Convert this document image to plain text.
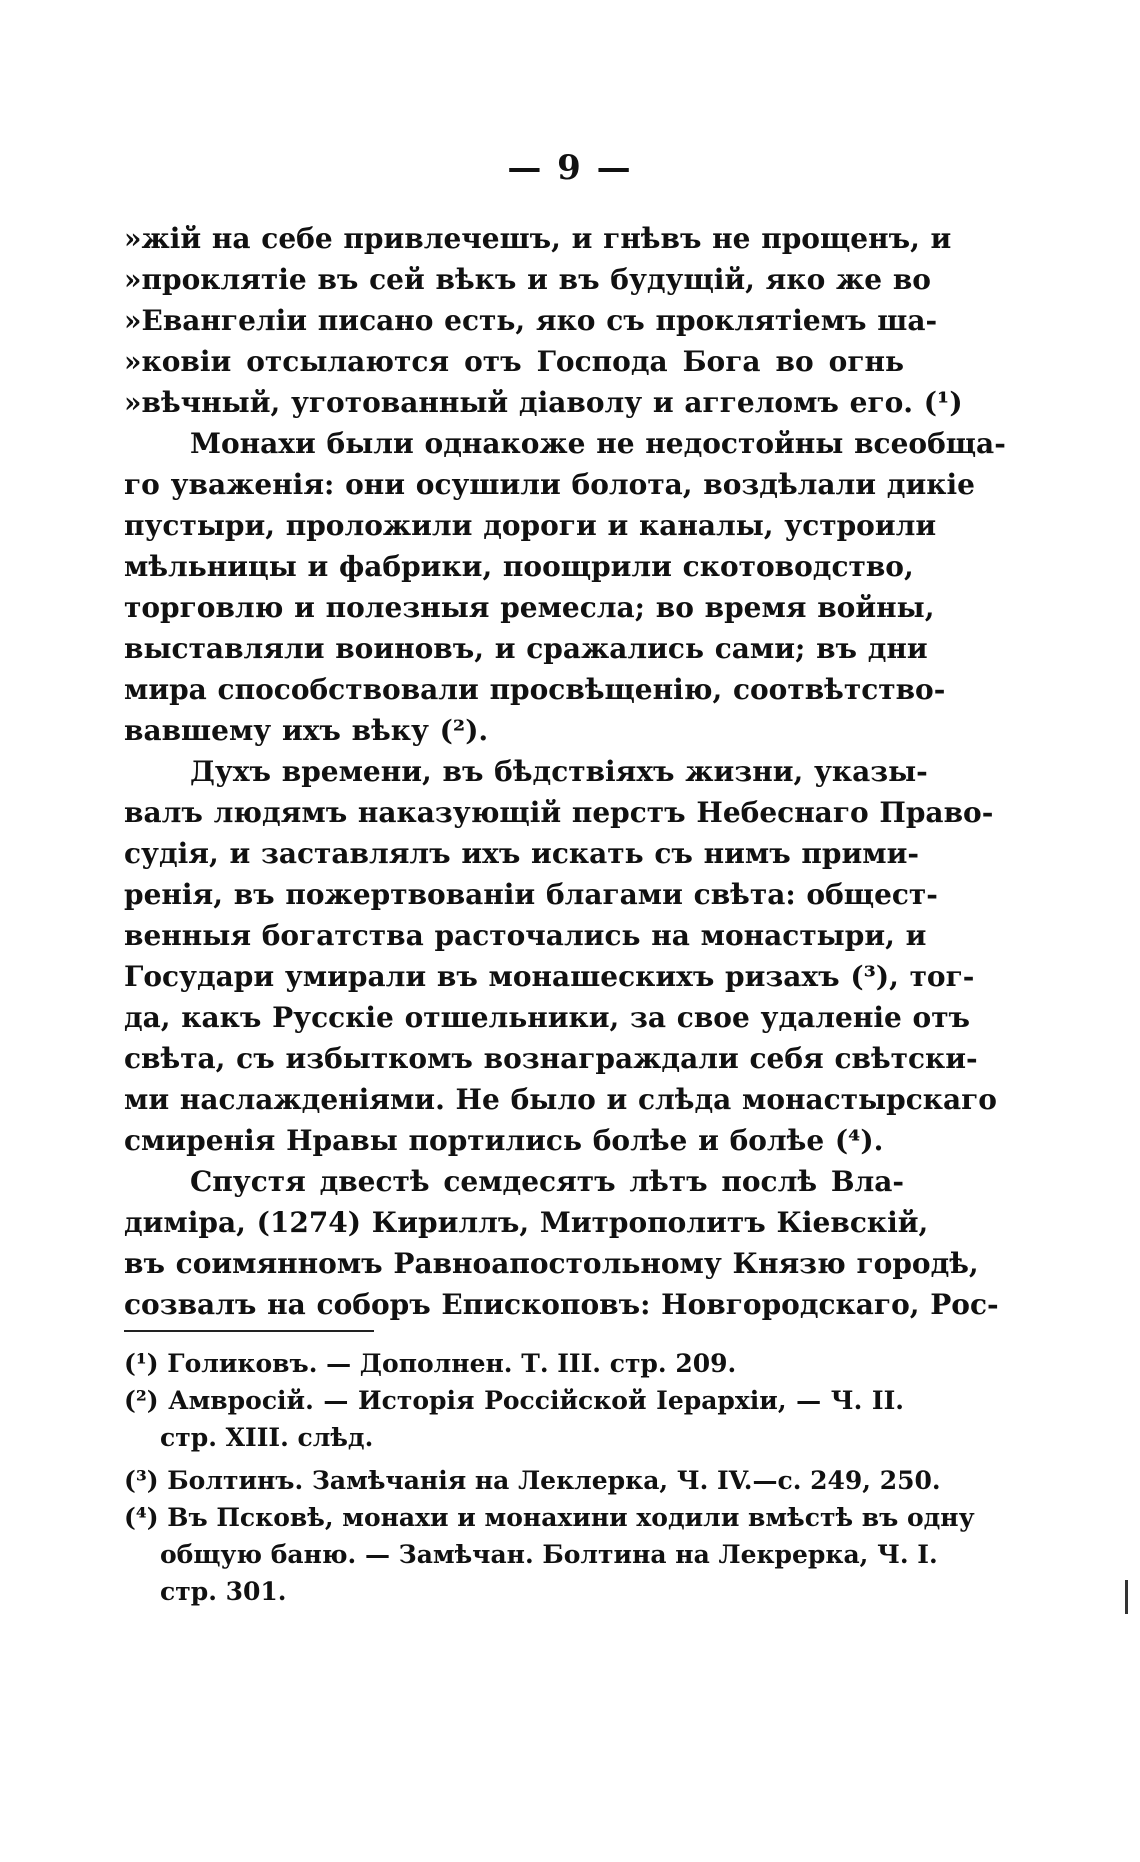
— 9 —
»жій на себе привлечешъ, и гнѣвъ не прощенъ, и
»проклятіе въ сей вѣкъ и въ будущій, яко же во
»Евангеліи писано есть, яко съ проклятіемъ ша-
»ковіи отсылаются отъ Господа Бога во огнь
»вѣчный, уготованный діаволу и аггеломъ его. (¹)
Монахи были однакоже не недостойны всеобща-
го уваженія: они осушили болота, воздѣлали дикіе
пустыри, проложили дороги и каналы, устроили
мѣльницы и фабрики, поощрили скотоводство,
торговлю и полезныя ремесла; во время войны,
выставляли воиновъ, и сражались сами; въ дни
мира способствовали просвѣщенію, соотвѣтство-
вавшему ихъ вѣку (²).
Духъ времени, въ бѣдствіяхъ жизни, указы-
валъ людямъ наказующій перстъ Небеснаго Право-
судія, и заставлялъ ихъ искать съ нимъ прими-
ренія, въ пожертвованіи благами свѣта: общест-
венныя богатства расточались на монастыри, и
Государи умирали въ монашескихъ ризахъ (³), тог-
да, какъ Русскіе отшельники, за свое удаленіе отъ
свѣта, съ избыткомъ вознаграждали себя свѣтски-
ми наслажденіями. Не было и слѣда монастырскаго
смиренія Нравы портились болѣе и болѣе (⁴).
Спустя двестѣ семдесятъ лѣтъ послѣ Вла-
диміра, (1274) Кириллъ, Митрополитъ Кіевскій,
въ соимянномъ Равноапостольному Князю городѣ,
созвалъ на соборъ Епископовъ: Новгородскаго, Рос-
(¹) Голиковъ. — Дополнен. Т. III. стр. 209.
(²) Амвросій. — Исторія Россійской Іерархіи, — Ч. II.
стр. XIII. слѣд.
(³) Болтинъ. Замѣчанія на Леклерка, Ч. IV.—с. 249, 250.
(⁴) Въ Псковѣ, монахи и монахини ходили вмѣстѣ въ одну
общую баню. — Замѣчан. Болтина на Лекрерка, Ч. I.
стр. 301.
